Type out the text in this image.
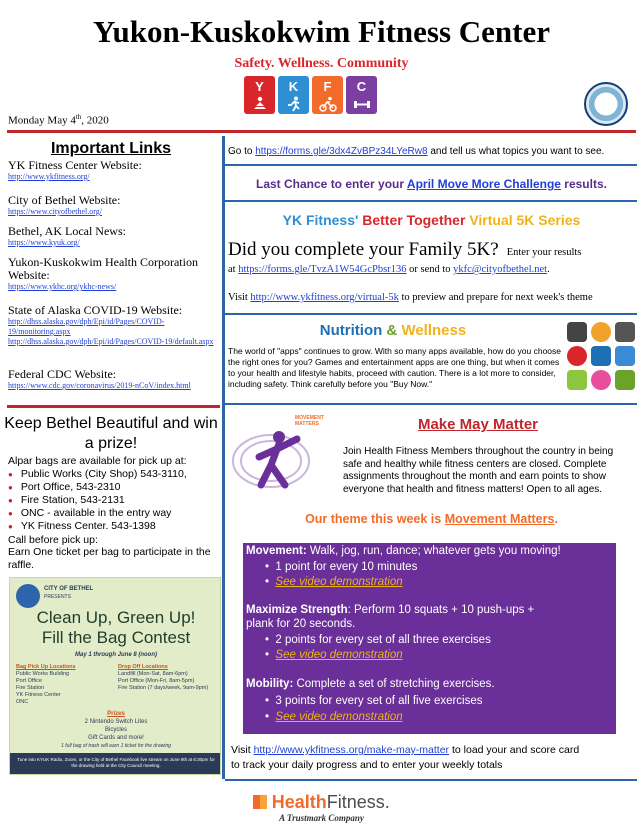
Yukon-Kuskokwim Fitness Center
Safety. Wellness. Community
Y	K	F	C
Monday May 4th, 2020
Important Links
YK Fitness Center Website:
http://www.ykfitness.org/
City of Bethel Website:
https://www.cityofbethel.org/
Bethel, AK Local News:
https://www.kyuk.org/
Yukon-Kuskokwim Health Corporation Website:
https://www.ykhc.org/ykhc-news/
State of Alaska COVID-19 Website:
http://dhss.alaska.gov/dph/Epi/id/Pages/COVID-19/monitoring.aspx
http://dhss.alaska.gov/dph/Epi/id/Pages/COVID-19/default.aspx
Federal CDC Website:
https://www.cdc.gov/coronavirus/2019-nCoV/index.html
Keep Bethel Beautiful and win a prize!
Alpar bags are available for pick up at:
● Public Works (City Shop) 543-3110,
● Port Office, 543-2310
● Fire Station, 543-2131
● ONC - available in the entry way
● YK Fitness Center. 543-1398
Call before pick up:
Earn One ticket per bag to participate in the raffle.
CITY OF BETHEL
PRESENTS
Clean Up, Green Up!
Fill the Bag Contest
May 1 through June 8 (noon)
Bag Pick Up Locations
Public Works Building
Port Office
Fire Station
YK Fitness Center
ONC
Drop Off Locations
Landfill (Mon-Sat, 8am-6pm)
Port Office (Mon-Fri, 8am-5pm)
Fire Station (7 days/week, 9am-9pm)
Prizes
2 Nintendo Switch Lites
Bicycles
Gift Cards and more!
1 full bag of trash will earn 1 ticket for the drawing
Tune into KYUK Radio, Zoom, or the City of Bethel Facebook live stream on June 9th at 6:30pm for the drawing held at the City Council meeting.
Go to https://forms.gle/3dx4ZvBPz34LYeRw8 and tell us what topics you want to see.
Last Chance to enter your April Move More Challenge results.
YK Fitness' Better Together Virtual 5K Series
Did you complete your Family 5K? Enter your results
at https://forms.gle/TvzA1W54GcPbsr136 or send to ykfc@cityofbethel.net.
Visit http://www.ykfitness.org/virtual-5k to preview and prepare for next week's theme
Nutrition & Wellness
The world of "apps" continues to grow. With so many apps available, how do you choose the right ones for you? Games and entertainment apps are one thing, but when it comes to your health and lifestyle habits, proceed with caution. There is a lot more to consider, including safety. Think carefully before you "Buy Now."
MOVEMENT MATTERS	Make May Matter
Join Health Fitness Members throughout the country in being safe and healthy while fitness centers are closed. Complete assignments throughout the month and earn points to show everyone that health and fitness matters! Open to all ages.
Our theme this week is Movement Matters.
Movement: Walk, jog, run, dance; whatever gets you moving!
•  1 point for every 10 minutes
•  See video demonstration
Maximize Strength: Perform 10 squats + 10 push-ups +
plank for 20 seconds.
•  2 points for every set of all three exercises
•  See video demonstration
Mobility: Complete a set of stretching exercises.
•  3 points for every set of all five exercises
•  See video demonstration
Visit http://www.ykfitness.org/make-may-matter to load your and score card
to track your daily progress and to enter your weekly totals
HealthFitness.
A Trustmark Company
